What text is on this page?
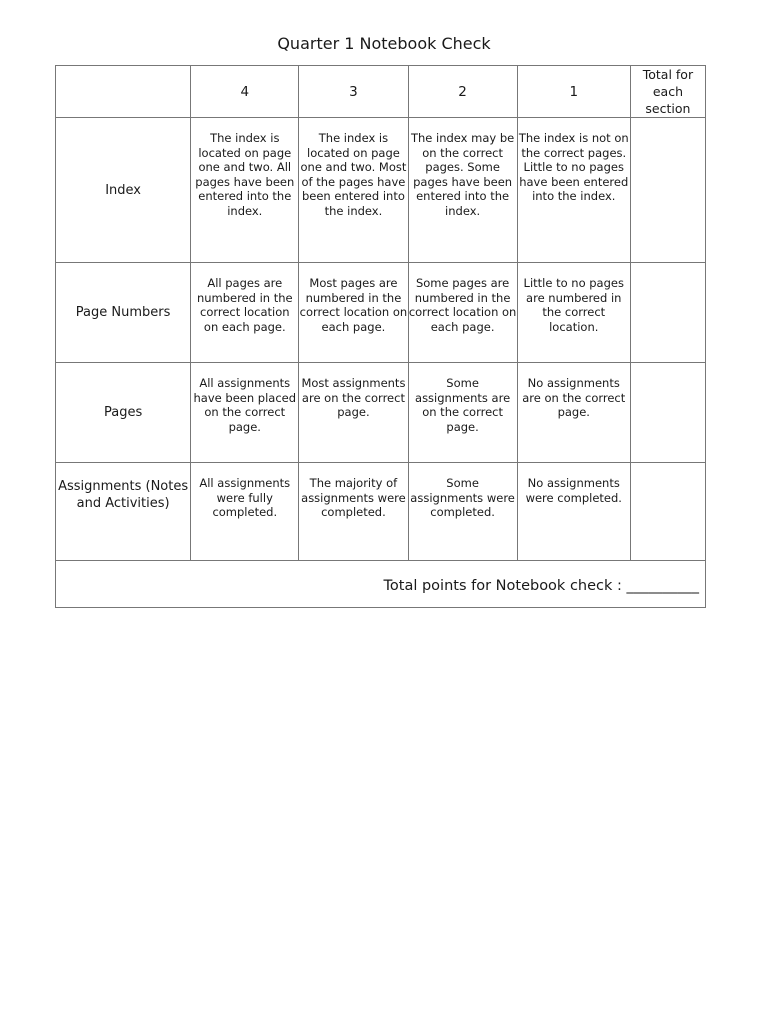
Quarter 1 Notebook Check
	4	3	2	1	Total for each section
Index	The index is located on page one and two. All pages have been entered into the index.	The index is located on page one and two. Most of the pages have been entered into the index.	The index may be on the correct pages. Some pages have been entered into the index.	The index is not on the correct pages. Little to no pages have been entered into the index.	
Page Numbers	All pages are numbered in the correct location on each page.	Most pages are numbered in the correct location on each page.	Some pages are numbered in the correct location on each page.	Little to no pages are numbered in the correct location.	
Pages	All assignments have been placed on the correct page.	Most assignments are on the correct page.	Some assignments are on the correct page.	No assignments are on the correct page.	
Assignments (Notes and Activities)	All assignments were fully completed.	The majority of assignments were completed.	Some assignments were completed.	No assignments were completed.	
Total points for Notebook check : __________					
